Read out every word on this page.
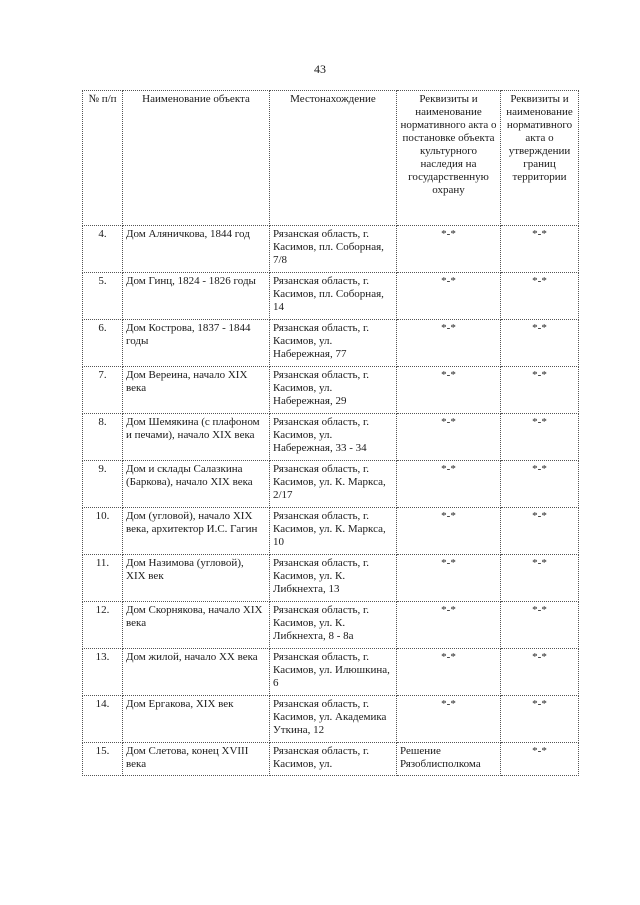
43
№ п/п	Наименование объекта	Местонахождение	Реквизиты и наименование нормативного акта о постановке объекта культурного наследия на государственную охрану	Реквизиты и наименование нормативного акта о утверждении границ территории
4.	Дом Аляничкова, 1844 год	Рязанская область, г. Касимов, пл. Соборная, 7/8	*-*	*-*
5.	Дом Гинц, 1824 - 1826 годы	Рязанская область, г. Касимов, пл. Соборная, 14	*-*	*-*
6.	Дом Кострова, 1837 - 1844 годы	Рязанская область, г. Касимов, ул. Набережная, 77	*-*	*-*
7.	Дом Вереина, начало XIX века	Рязанская область, г. Касимов, ул. Набережная, 29	*-*	*-*
8.	Дом Шемякина (с плафоном и печами), начало XIX века	Рязанская область, г. Касимов, ул. Набережная, 33 - 34	*-*	*-*
9.	Дом и склады Салазкина (Баркова), начало XIX века	Рязанская область, г. Касимов, ул. К. Маркса, 2/17	*-*	*-*
10.	Дом (угловой), начало XIX века, архитектор И.С. Гагин	Рязанская область, г. Касимов, ул. К. Маркса, 10	*-*	*-*
11.	Дом Назимова (угловой), XIX век	Рязанская область, г. Касимов, ул. К. Либкнехта, 13	*-*	*-*
12.	Дом Скорнякова, начало XIX века	Рязанская область, г. Касимов, ул. К. Либкнехта, 8 - 8а	*-*	*-*
13.	Дом жилой, начало XX века	Рязанская область, г. Касимов, ул. Илюшкина, 6	*-*	*-*
14.	Дом Ергакова, XIX век	Рязанская область, г. Касимов, ул. Академика Уткина, 12	*-*	*-*
15.	Дом Слетова, конец XVIII века	Рязанская область, г. Касимов, ул.	Решение Рязоблисполкома	*-*
